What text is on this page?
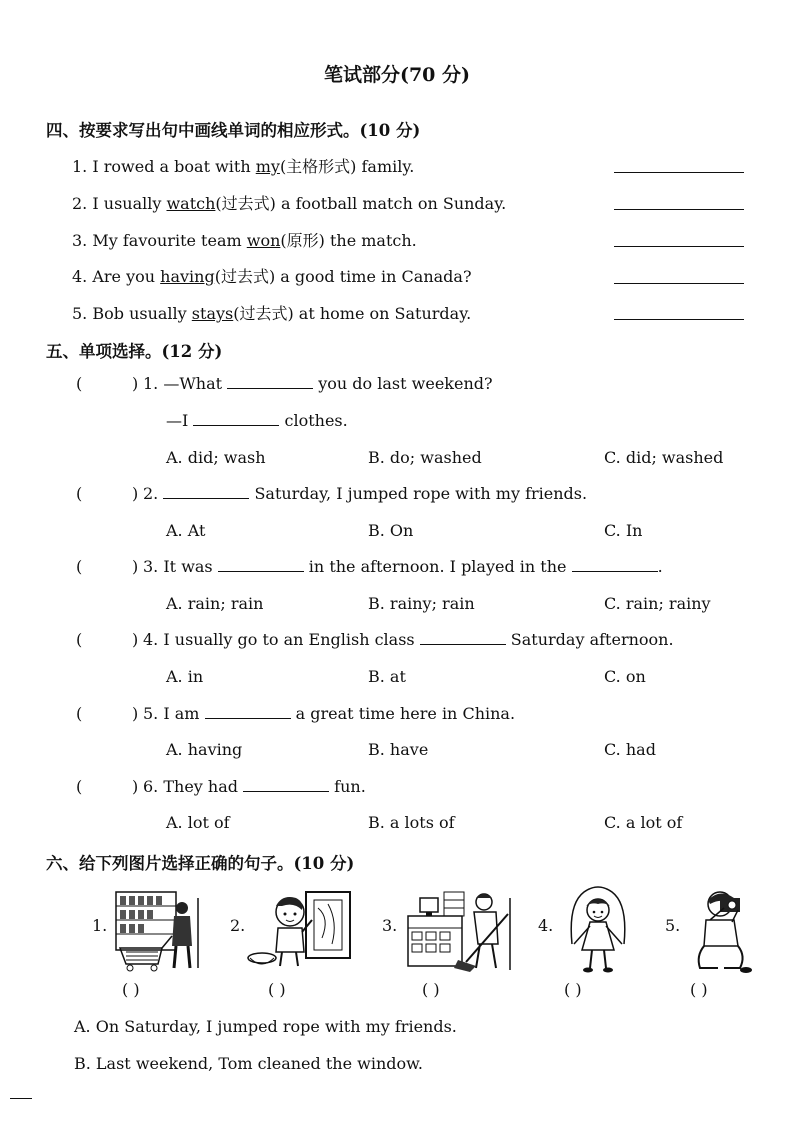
笔试部分(70 分)
四、按要求写出句中画线单词的相应形式。(10 分)
1. I rowed a boat with my(主格形式) family.
2. I usually watch(过去式) a football match on Sunday.
3. My favourite team won(原形) the match.
4. Are you having(过去式) a good time in Canada?
5. Bob usually stays(过去式) at home on Saturday.
五、单项选择。(12 分)
(	) 1. —What	you do last weekend?
—I	clothes.
A. did; wash	B. do; washed	C. did; washed
(	) 2.	Saturday, I jumped rope with my friends.
A. At	B. On	C. In
(	) 3. It was	in the afternoon. I played in the	.
A. rain; rain	B. rainy; rain	C. rain; rainy
(	) 4. I usually go to an English class	Saturday afternoon.
A. in	B. at	C. on
(	) 5. I am	a great time here in China.
A. having	B. have	C. had
(	) 6. They had	fun.
A. lot of	B. a lots of	C. a lot of
六、给下列图片选择正确的句子。(10 分)
1.	2.	3.	4.	5.
( )	( )	( )	( )	( )
A. On Saturday, I jumped rope with my friends.
B. Last weekend, Tom cleaned the window.
